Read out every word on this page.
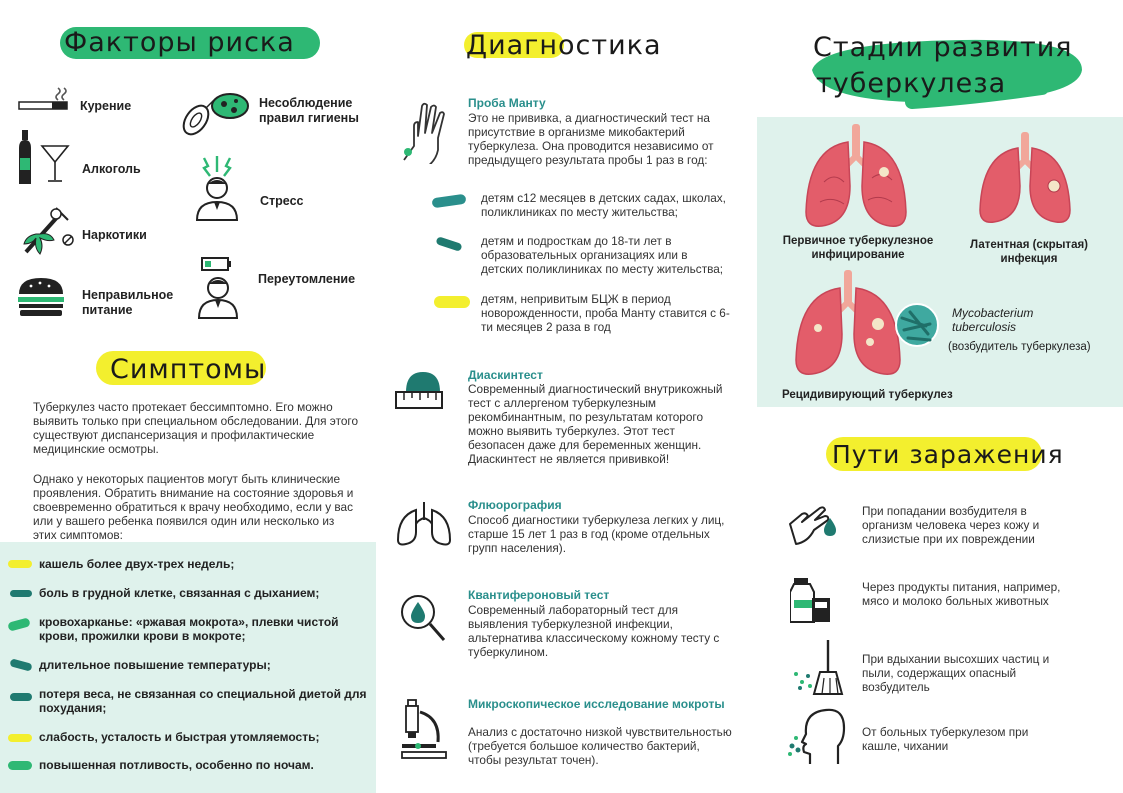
Факторы риска
Курение
Алкоголь
Наркотики
Неправильное питание
Несоблюдение правил гигиены
Стресс
Переутомление
Симптомы
Туберкулез часто протекает бессимптомно. Его можно выявить только при специальном обследовании. Для этого существуют диспансеризация и профилактические медицинские осмотры.
Однако у некоторых пациентов могут быть клинические проявления. Обратить внимание на состояние здоровья и своевременно обратиться к врачу необходимо, если у вас или у вашего ребенка появился один или несколько из этих симптомов:
кашель более двух-трех недель;
боль в грудной клетке, связанная с дыханием;
кровохарканье: «ржавая мокрота», плевки чистой крови, прожилки крови в мокроте;
длительное повышение температуры;
потеря веса, не связанная со специальной диетой для похудания;
слабость, усталость и быстрая утомляемость;
повышенная потливость, особенно по ночам.
Диагностика
Проба Манту
Это не прививка, а диагностический тест на присутствие в организме микобактерий туберкулеза. Она проводится независимо от предыдущего результата пробы 1 раз в год:
детям с12 месяцев в детских садах, школах, поликлиниках по месту жительства;
детям и подросткам до 18-ти лет в образовательных организациях или в детских поликлиниках по месту жительства;
детям, непривитым БЦЖ в период новорожденности, проба Манту ставится с 6-ти месяцев 2 раза в год
Диаскинтест
Современный диагностический внутрикожный тест с аллергеном туберкулезным рекомбинантным, по результатам которого можно выявить туберкулез. Этот тест безопасен даже для беременных женщин. Диаскинтест не является прививкой!
Флюорография
Способ диагностики туберкулеза легких у лиц, старше 15 лет 1 раз в год (кроме отдельных групп населения).
Квантифероновый тест
Современный лабораторный тест для выявления туберкулезной инфекции, альтернатива классическому кожному тесту с туберкулином.
Микроскопическое исследование мокроты
Анализ с достаточно низкой чувствительностью (требуется большое количество бактерий, чтобы результат точен).
Стадии развития
туберкулеза
Первичное туберкулезное инфицирование
Латентная (скрытая) инфекция
Mycobacterium tuberculosis
(возбудитель туберкулеза)
Рецидивирующий туберкулез
Пути заражения
При попадании возбудителя в организм человека через кожу и слизистые при их повреждении
Через продукты питания, например, мясо и молоко больных животных
При вдыхании высохших частиц и пыли, содержащих опасный возбудитель
От больных туберкулезом при кашле, чихании
